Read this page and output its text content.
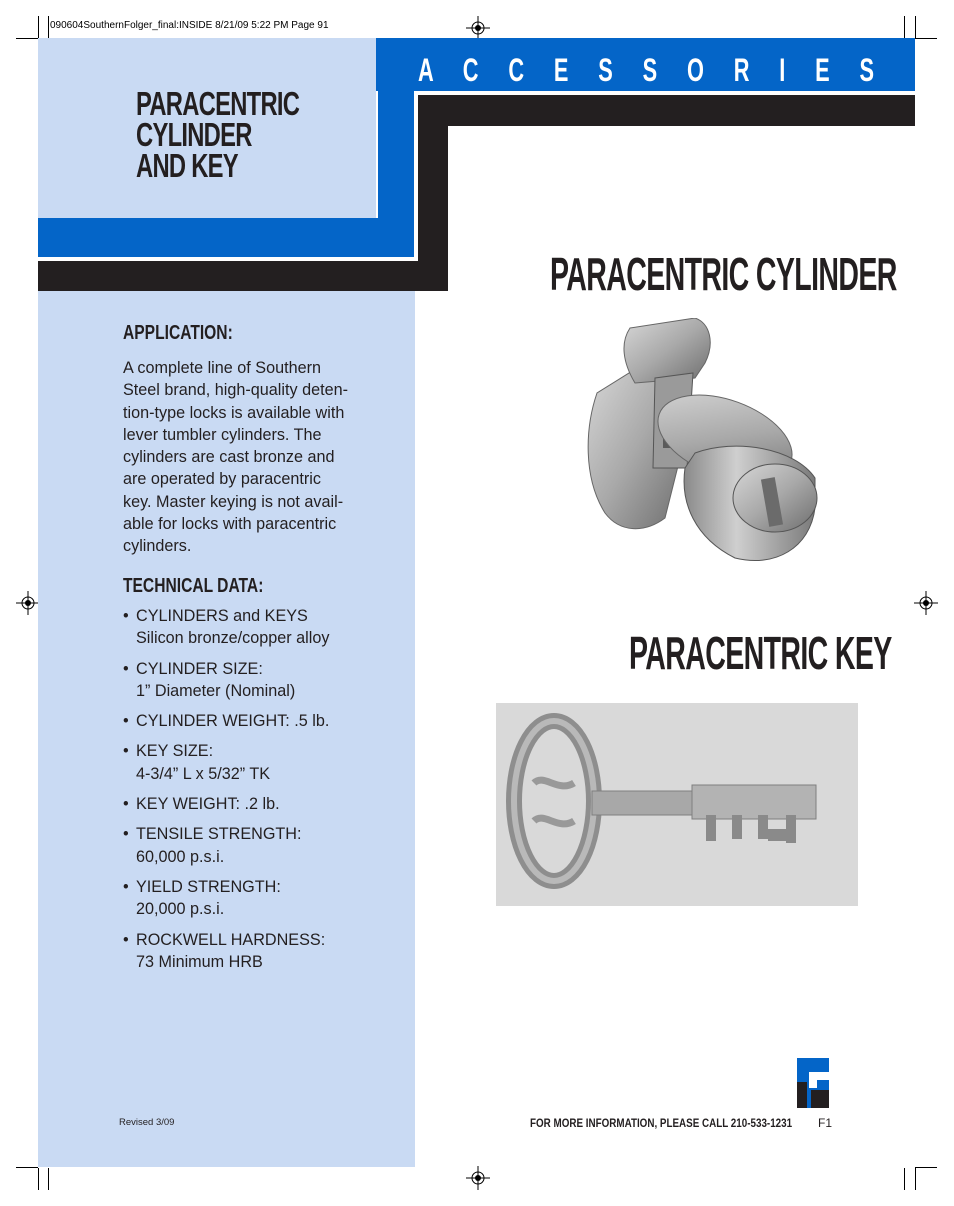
090604SouthernFolger_final:INSIDE 8/21/09 5:22 PM Page 91
A C C E S S O R I E S
PARACENTRIC
CYLINDER
AND KEY
APPLICATION:
A complete line of Southern
Steel brand, high-quality deten-
tion-type locks is available with
lever tumbler cylinders. The
cylinders are cast bronze and
are operated by paracentric
key. Master keying is not avail-
able for locks with paracentric
cylinders.
TECHNICAL DATA:
• CYLINDERS and KEYS
Silicon bronze/copper alloy
• CYLINDER SIZE:
1” Diameter (Nominal)
• CYLINDER WEIGHT: .5 lb.
• KEY SIZE:
4-3/4” L x 5/32” TK
• KEY WEIGHT: .2 lb.
• TENSILE STRENGTH:
60,000 p.s.i.
• YIELD STRENGTH:
20,000 p.s.i.
• ROCKWELL HARDNESS:
73 Minimum HRB
PARACENTRIC CYLINDER
PARACENTRIC KEY
Revised 3/09	FOR MORE INFORMATION, PLEASE CALL 210-533-1231 F1
